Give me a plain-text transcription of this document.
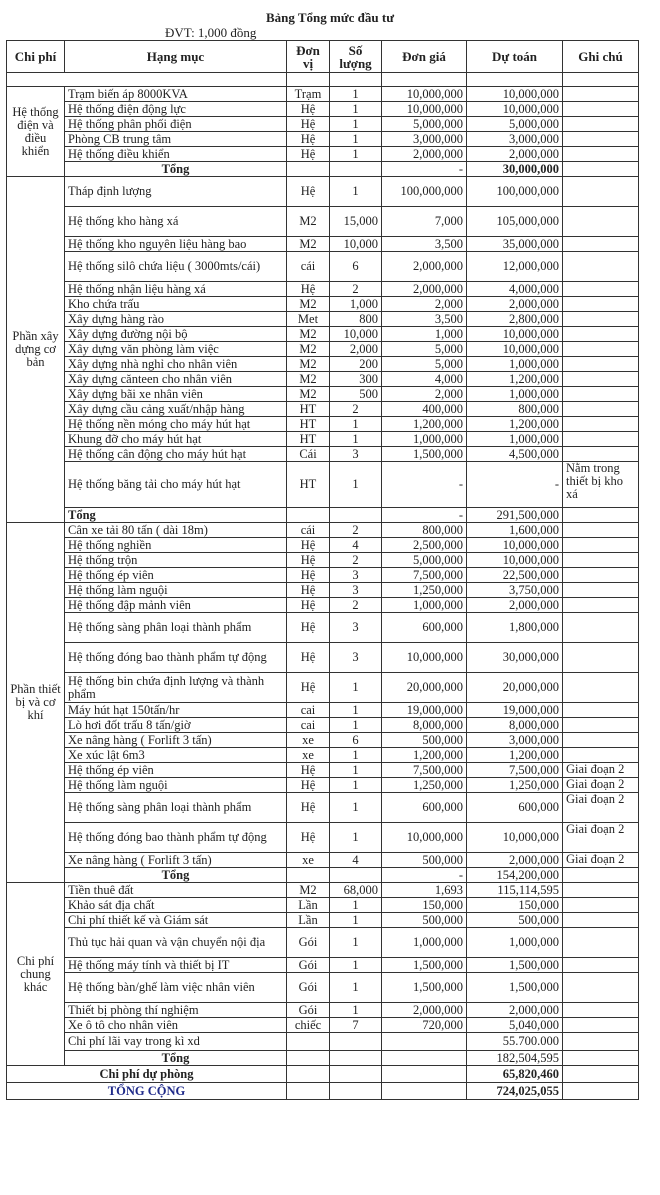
Bảng Tổng mức đầu tư
ĐVT: 1,000 đồng
Chi phí	Hạng mục	Đơn vị	Số lượng	Đơn giá	Dự toán	Ghi chú

Hệ thống điện và điều khiển	Trạm biến áp 8000KVA	Trạm	1	10,000,000	10,000,000	
	Hệ thống điện động lực	Hệ	1	10,000,000	10,000,000	
	Hệ thống phân phối điện	Hệ	1	5,000,000	5,000,000	
	Phòng CB trung tâm	Hệ	1	3,000,000	3,000,000	
	Hệ thống điều khiển	Hệ	1	2,000,000	2,000,000	
	Tổng			-	30,000,000	
Phần xây dựng cơ bản	Tháp định lượng	Hệ	1	100,000,000	100,000,000	
	Hệ thống kho hàng xá	M2	15,000	7,000	105,000,000	
	Hệ thống kho nguyên liệu hàng bao	M2	10,000	3,500	35,000,000	
	Hệ thống silô chứa liệu ( 3000mts/cái)	cái	6	2,000,000	12,000,000	
	Hệ thống nhận liệu hàng xá	Hệ	2	2,000,000	4,000,000	
	Kho chứa trấu	M2	1,000	2,000	2,000,000	
	Xây dựng hàng rào	Met	800	3,500	2,800,000	
	Xây dựng đường nội bộ	M2	10,000	1,000	10,000,000	
	Xây dựng văn phòng làm việc	M2	2,000	5,000	10,000,000	
	Xây dựng nhà nghỉ cho nhân viên	M2	200	5,000	1,000,000	
	Xây dựng cănteen cho nhân viên	M2	300	4,000	1,200,000	
	Xây dựng bãi xe nhân viên	M2	500	2,000	1,000,000	
	Xây dựng cầu cảng xuất/nhập hàng	HT	2	400,000	800,000	
	Hệ thống nền móng cho máy hút hạt	HT	1	1,200,000	1,200,000	
	Khung đỡ cho máy hút hạt	HT	1	1,000,000	1,000,000	
	Hệ thống cân động cho máy hút hạt	Cái	3	1,500,000	4,500,000	
	Hệ thống băng tải cho máy hút hạt	HT	1	-	-	Nằm trong thiết bị kho xá
	Tổng			-	291,500,000	
Phần thiết bị và cơ khí	Cân xe tải 80 tấn ( dài 18m)	cái	2	800,000	1,600,000	
	Hệ thống nghiền	Hệ	4	2,500,000	10,000,000	
	Hệ thống trộn	Hệ	2	5,000,000	10,000,000	
	Hệ thống ép viên	Hệ	3	7,500,000	22,500,000	
	Hệ thống làm nguội	Hệ	3	1,250,000	3,750,000	
	Hệ thống đập mảnh viên	Hệ	2	1,000,000	2,000,000	
	Hệ thống sàng phân loại thành phẩm	Hệ	3	600,000	1,800,000	
	Hệ thống đóng bao thành phẩm tự động	Hệ	3	10,000,000	30,000,000	
	Hệ thống bin chứa định lượng và thành phẩm	Hệ	1	20,000,000	20,000,000	
	Máy hút hạt 150tấn/hr	cai	1	19,000,000	19,000,000	
	Lò hơi đốt trấu 8 tấn/giờ	cai	1	8,000,000	8,000,000	
	Xe nâng hàng ( Forlift 3 tấn)	xe	6	500,000	3,000,000	
	Xe xúc lật 6m3	xe	1	1,200,000	1,200,000	
	Hệ thống ép viên	Hệ	1	7,500,000	7,500,000	Giai đoạn 2
	Hệ thống làm nguội	Hệ	1	1,250,000	1,250,000	Giai đoạn 2
	Hệ thống sàng phân loại thành phẩm	Hệ	1	600,000	600,000	Giai đoạn 2
	Hệ thống đóng bao thành phẩm tự động	Hệ	1	10,000,000	10,000,000	Giai đoạn 2
	Xe nâng hàng ( Forlift 3 tấn)	xe	4	500,000	2,000,000	Giai đoạn 2
	Tổng			-	154,200,000	
Chi phí chung khác	Tiền thuê đất	M2	68,000	1,693	115,114,595	
	Khảo sát địa chất	Lần	1	150,000	150,000	
	Chi phí thiết kế và Giám sát	Lần	1	500,000	500,000	
	Thủ tục hải quan và vận chuyển nội địa	Gói	1	1,000,000	1,000,000	
	Hệ thống máy tính và thiết bị IT	Gói	1	1,500,000	1,500,000	
	Hệ thống bàn/ghế làm việc nhân viên	Gói	1	1,500,000	1,500,000	
	Thiết bị phòng thí nghiệm	Gói	1	2,000,000	2,000,000	
	Xe ô tô cho nhân viên	chiếc	7	720,000	5,040,000	
	Chi phí lãi vay trong kì xd				55.700.000	
	Tổng				182,504,595	
Chi phí dự phòng					65,820,460	
TỔNG CỘNG					724,025,055	
